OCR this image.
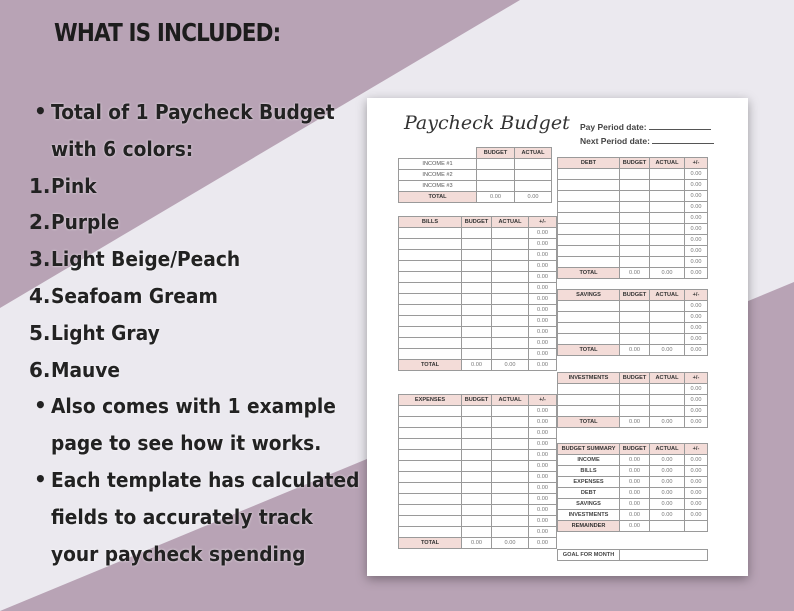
WHAT IS INCLUDED:
• Total of 1 Paycheck Budget
with 6 colors:
1. Pink
2. Purple
3. Light Beige/Peach
4. Seafoam Gream
5. Light Gray
6. Mauve
• Also comes with 1 example
page to see how it works.
• Each template has calculated
fields to accurately track
your paycheck spending
Paycheck Budget Pay Period date:
Next Period date:
	BUDGET	ACTUAL
INCOME #1		
INCOME #2		
INCOME #3		
TOTAL	0.00	0.00
BILLS	BUDGET	ACTUAL	+/-
			0.00
			0.00
			0.00
			0.00
			0.00
			0.00
			0.00
			0.00
			0.00
			0.00
			0.00
			0.00
TOTAL	0.00	0.00	0.00
EXPENSES	BUDGET	ACTUAL	+/-
			0.00
			0.00
			0.00
			0.00
			0.00
			0.00
			0.00
			0.00
			0.00
			0.00
			0.00
			0.00
TOTAL	0.00	0.00	0.00
DEBT	BUDGET	ACTUAL	+/-
			0.00
			0.00
			0.00
			0.00
			0.00
			0.00
			0.00
			0.00
			0.00
TOTAL	0.00	0.00	0.00
SAVINGS	BUDGET	ACTUAL	+/-
			0.00
			0.00
			0.00
			0.00
TOTAL	0.00	0.00	0.00
INVESTMENTS	BUDGET	ACTUAL	+/-
			0.00
			0.00
			0.00
TOTAL	0.00	0.00	0.00
BUDGET SUMMARY	BUDGET	ACTUAL	+/-
INCOME	0.00	0.00	0.00
BILLS	0.00	0.00	0.00
EXPENSES	0.00	0.00	0.00
DEBT	0.00	0.00	0.00
SAVINGS	0.00	0.00	0.00
INVESTMENTS	0.00	0.00	0.00
REMAINDER	0.00		
GOAL FOR MONTH	
